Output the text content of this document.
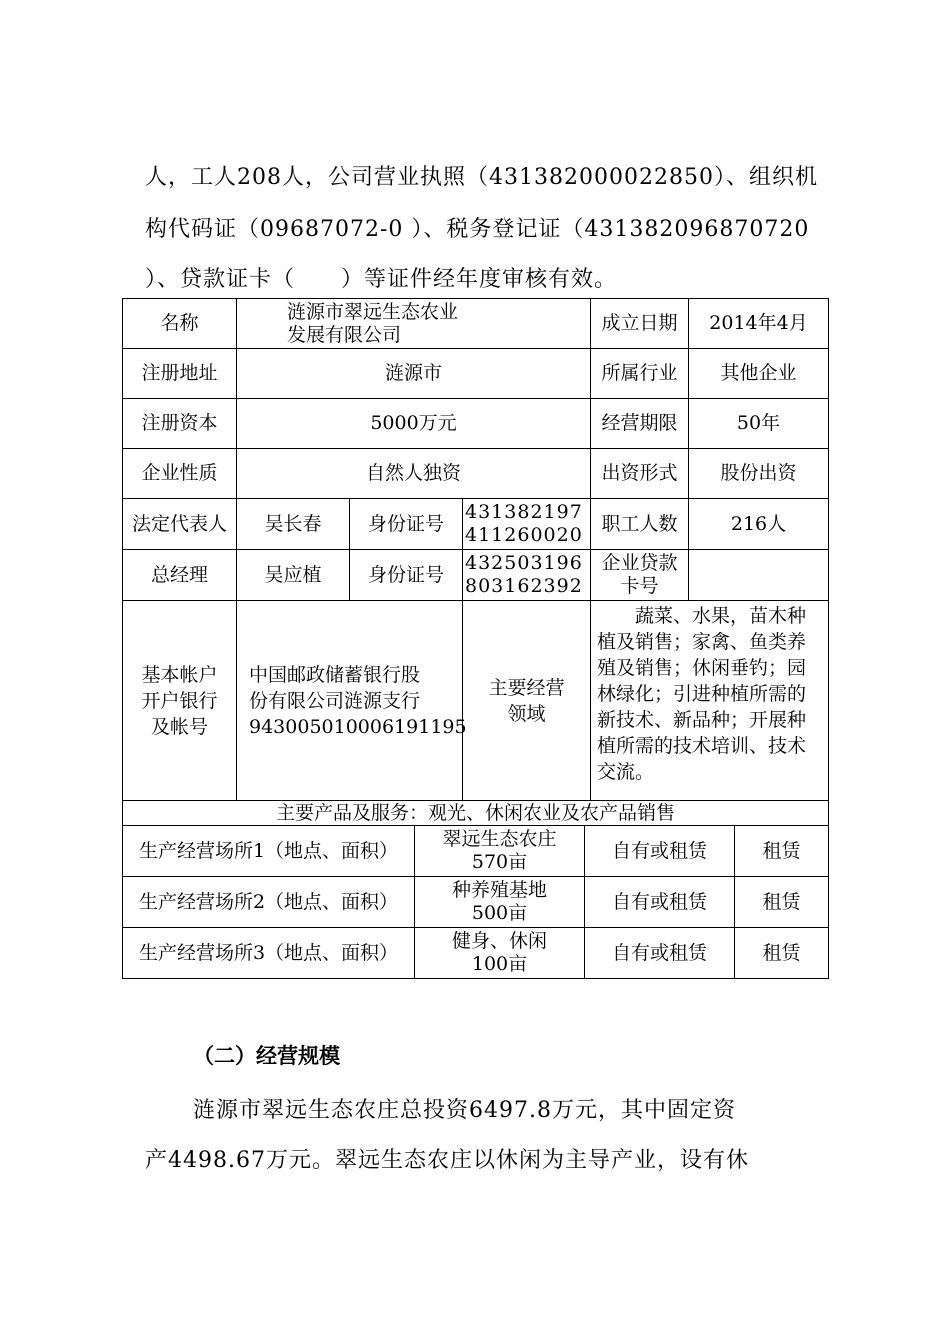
人，工人208人，公司营业执照（431382000022850）、组织机
构代码证（09687072-0 ）、税务登记证（431382096870720
）、贷款证卡（　　）等证件经年度审核有效。
名称	涟源市翠远生态农业
发展有限公司			成立日期	2014年4月
注册地址	涟源市			所属行业	其他企业
注册资本	5000万元			经营期限	50年
企业性质	自然人独资			出资形式	股份出资
法定代表人	吴长春	身份证号	431382197
411260020	职工人数	216人
总经理	吴应植	身份证号	432503196
803162392	企业贷款卡号	
基本帐户开户银行及帐号	中国邮政储蓄银行股
份有限公司涟源支行
943005010006191195		主要经营领域	蔬菜、水果，苗木种植及销售；家禽、鱼类养殖及销售；休闲垂钓；园林绿化；引进种植所需的新技术、新品种；开展种植所需的技术培训、技术交流。	
主要产品及服务：观光、休闲农业及农产品销售					
生产经营场所1（地点、面积）	翠远生态农庄
570亩	自有或租赁	租赁
生产经营场所2（地点、面积）	种养殖基地
500亩	自有或租赁	租赁
生产经营场所3（地点、面积）	健身、休闲
100亩	自有或租赁	租赁
（二）经营规模
涟源市翠远生态农庄总投资6497.8万元，其中固定资
产4498.67万元。翠远生态农庄以休闲为主导产业，设有休
